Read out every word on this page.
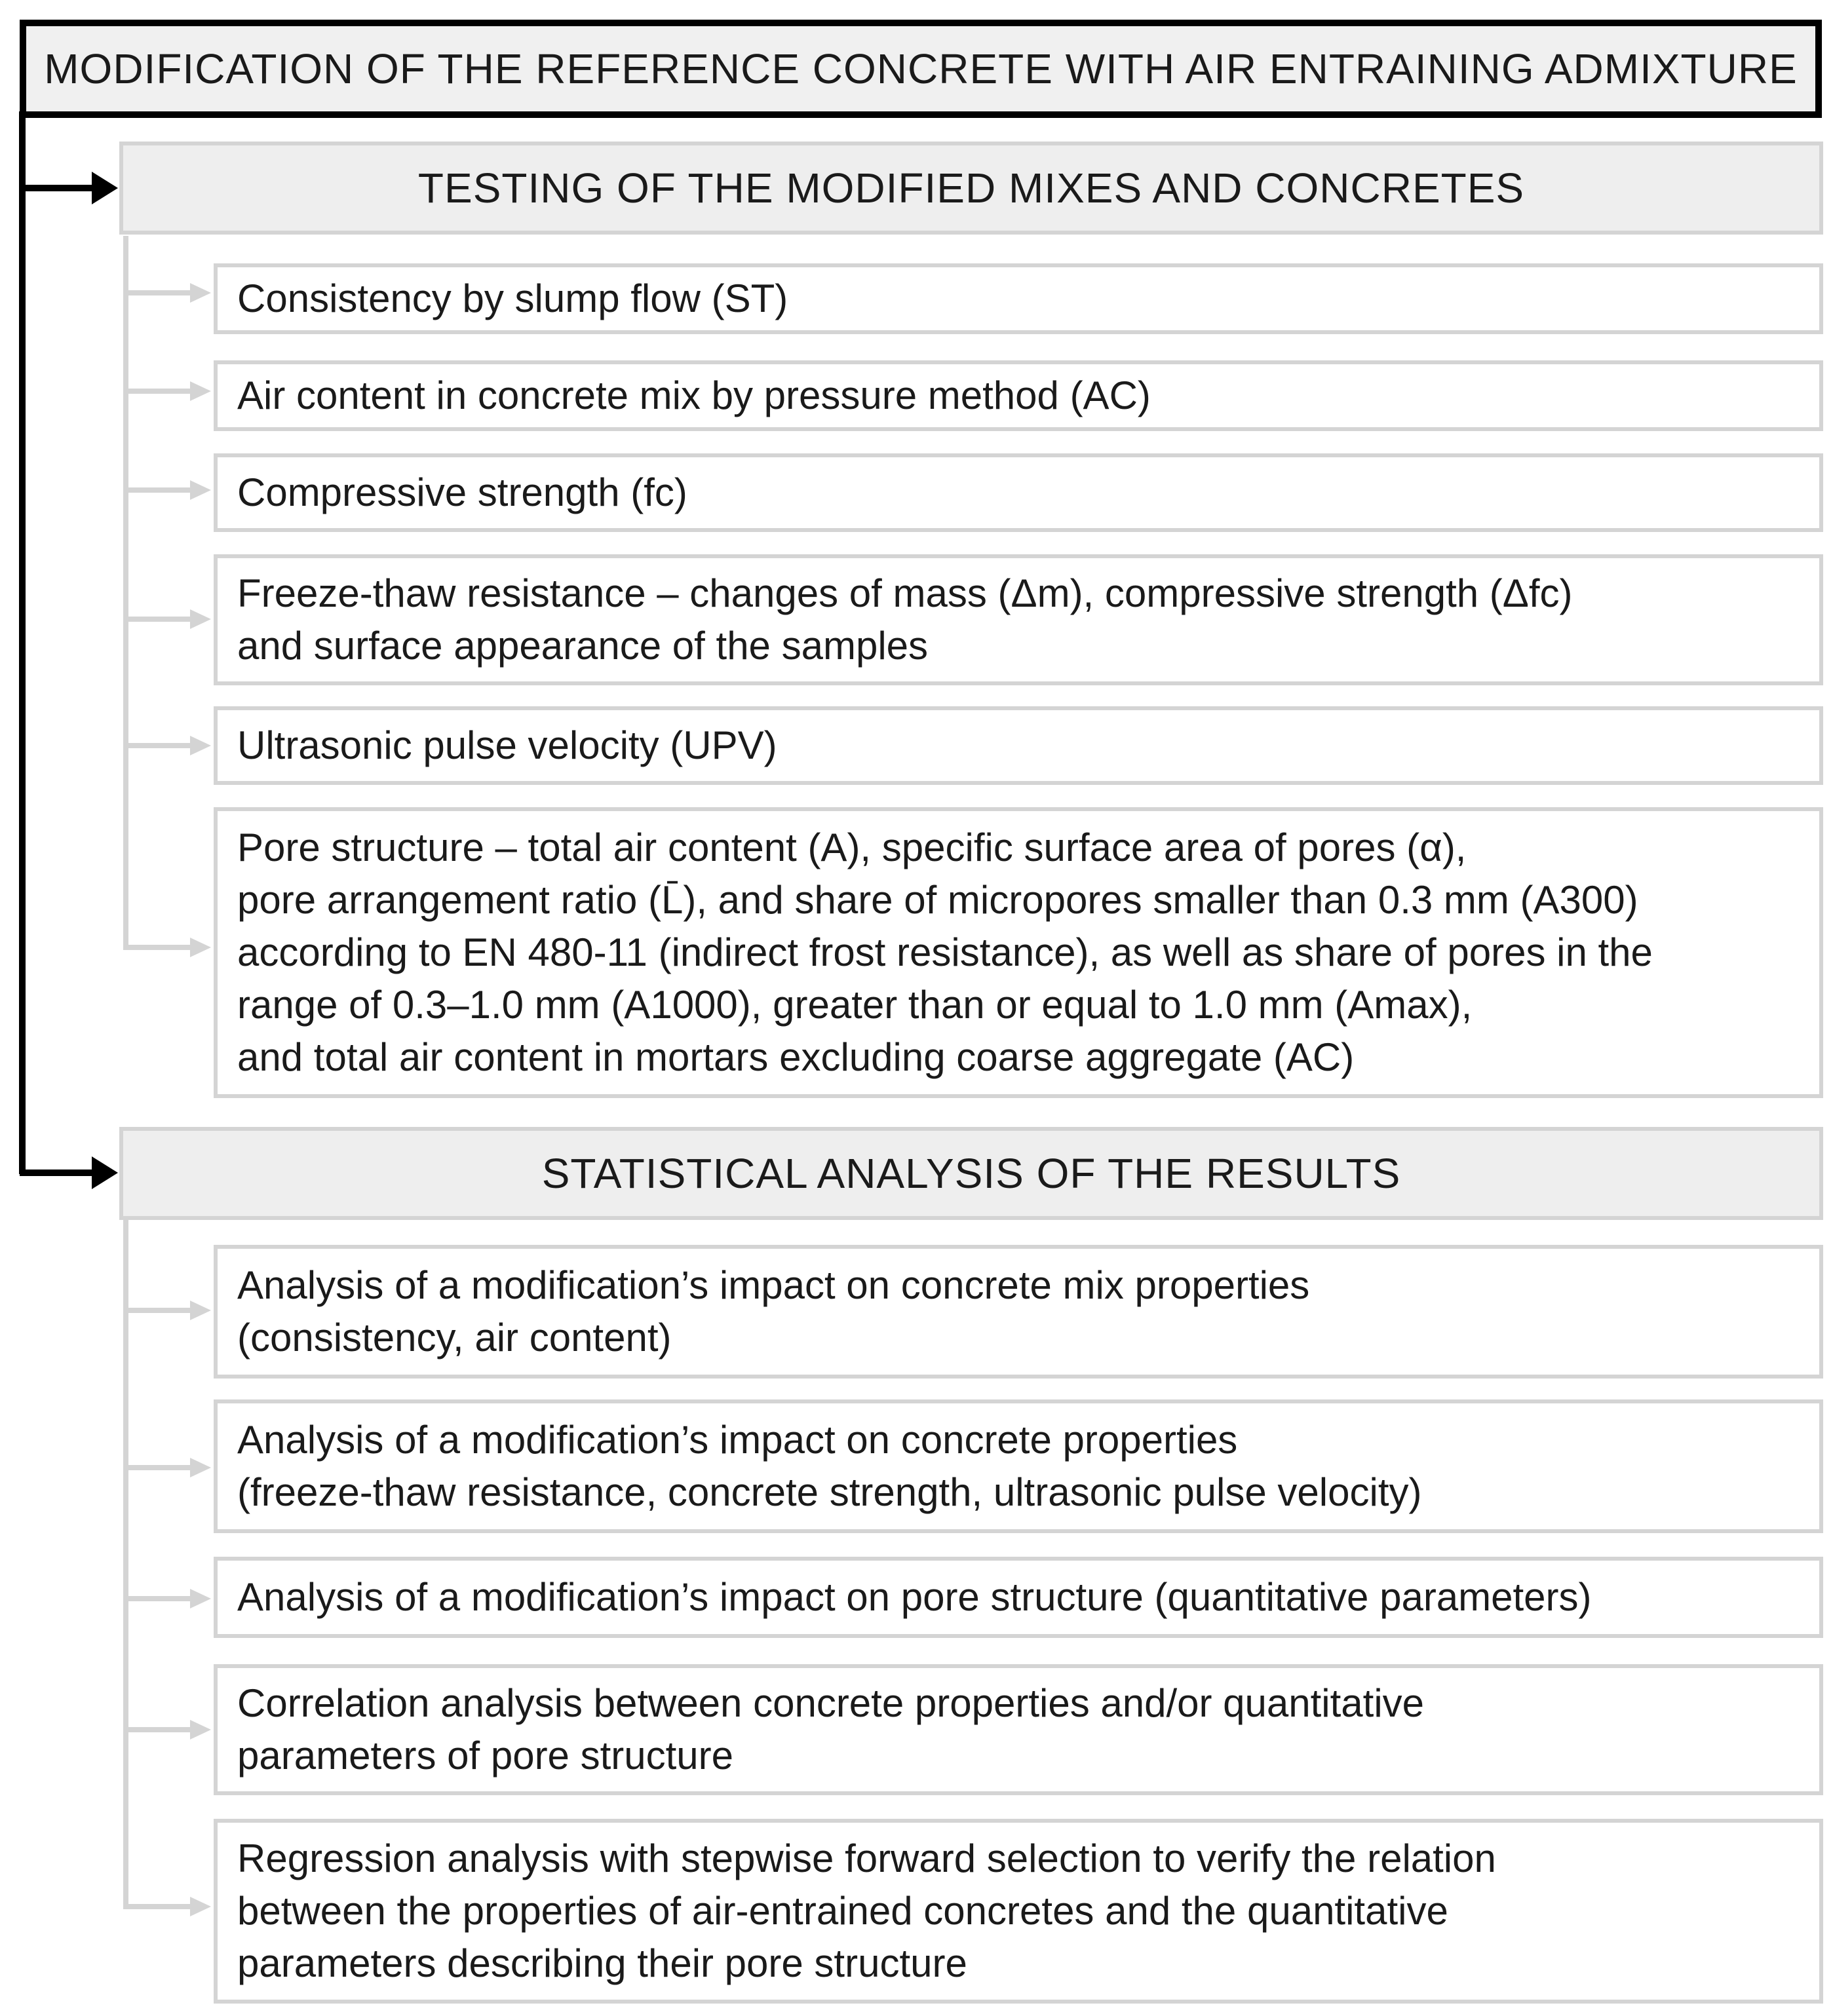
MODIFICATION OF THE REFERENCE CONCRETE WITH AIR ENTRAINING ADMIXTURE
TESTING OF THE MODIFIED MIXES AND CONCRETES
Consistency by slump flow (ST)
Air content in concrete mix by pressure method (AC)
Compressive strength (fc)
Freeze-thaw resistance – changes of mass (Δm), compressive strength (Δfc)
and surface appearance of the samples
Ultrasonic pulse velocity (UPV)
Pore structure – total air content (A), specific surface area of pores (α),
pore arrangement ratio (L̄), and share of micropores smaller than 0.3 mm (A300)
according to EN 480-11 (indirect frost resistance), as well as share of pores in the
range of 0.3–1.0 mm (A1000), greater than or equal to 1.0 mm (Amax),
and total air content in mortars excluding coarse aggregate (AC)
STATISTICAL ANALYSIS OF THE RESULTS
Analysis of a modification’s impact on concrete mix properties
(consistency, air content)
Analysis of a modification’s impact on concrete properties
(freeze-thaw resistance, concrete strength, ultrasonic pulse velocity)
Analysis of a modification’s impact on pore structure (quantitative parameters)
Correlation analysis between concrete properties and/or quantitative
parameters of pore structure
Regression analysis with stepwise forward selection to verify the relation
between the properties of air-entrained concretes and the quantitative
parameters describing their pore structure
